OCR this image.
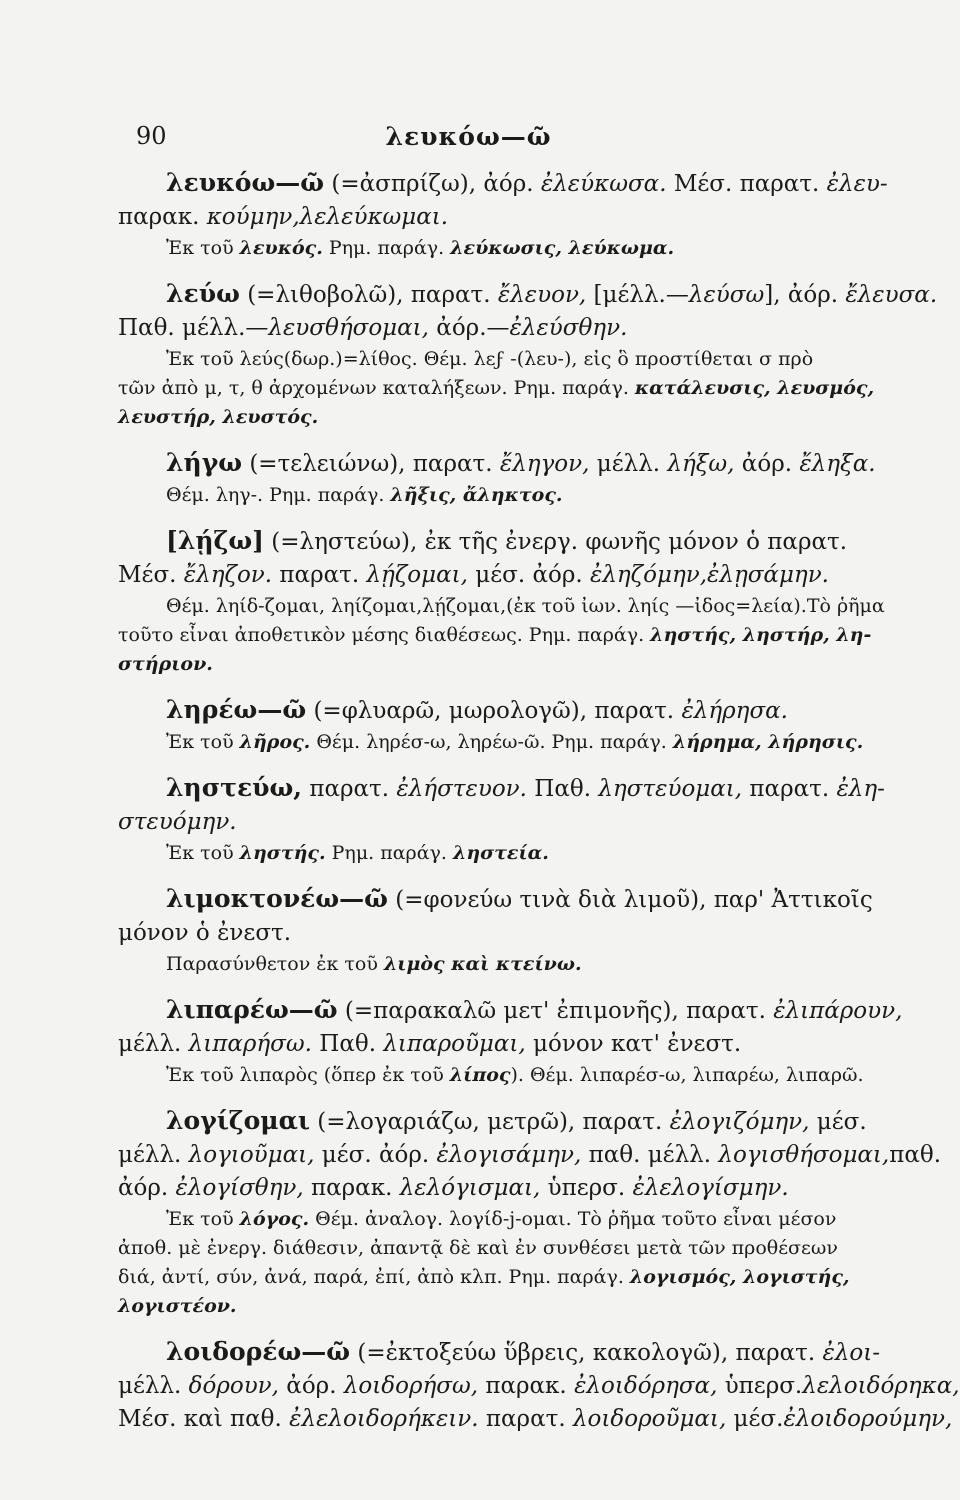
90	λευκόω—ῶ
λευκόω—ῶ (=ἀσπρίζω), ἀόρ. ἐλεύκωσα. Μέσ. παρατ. ἐλευ-
παρακ. κούμην,λελεύκωμαι.
Ἐκ τοῦ λευκός. Ρημ. παράγ. λεύκωσις, λεύκωμα.
λεύω (=λιθοβολῶ), παρατ. ἔλευον, [μέλλ.—λεύσω], ἀόρ. ἔλευσα.
Παθ. μέλλ.—λευσθήσομαι, ἀόρ.—ἐλεύσθην.
Ἐκ τοῦ λεύς(δωρ.)=λίθος. Θέμ. λεϝ -(λευ-), εἰς ὃ προστίθεται σ πρὸ
τῶν ἀπὸ μ, τ, θ ἀρχομένων καταλήξεων. Ρημ. παράγ. κατάλευσις, λευσμός,
λευστήρ, λευστός.
λήγω (=τελειώνω), παρατ. ἔληγον, μέλλ. λήξω, ἀόρ. ἔληξα.
Θέμ. ληγ-. Ρημ. παράγ. λῆξις, ἄληκτος.
[λῄζω] (=ληστεύω), ἐκ τῆς ἐνεργ. φωνῆς μόνον ὁ παρατ.
Μέσ. ἔληζον. παρατ. λῄζομαι, μέσ. ἀόρ. ἐληζόμην,ἐλῃσάμην.
Θέμ. ληίδ-ζομαι, ληίζομαι,λῄζομαι,(ἐκ τοῦ ἰων. ληίς —ἰδος=λεία).Τὸ ῥῆμα
τοῦτο εἶναι ἀποθετικὸν μέσης διαθέσεως. Ρημ. παράγ. ληστής, ληστήρ, λη-
στήριον.
ληρέω—ῶ (=φλυαρῶ, μωρολογῶ), παρατ. ἐλήρησα.
Ἐκ τοῦ λῆρος. Θέμ. ληρέσ-ω, ληρέω-ῶ. Ρημ. παράγ. λήρημα, λήρησις.
ληστεύω, παρατ. ἐλήστευον. Παθ. ληστεύομαι, παρατ. ἐλη-
στευόμην.
Ἐκ τοῦ ληστής. Ρημ. παράγ. ληστεία.
λιμοκτονέω—ῶ (=φονεύω τινὰ διὰ λιμοῦ), παρ' Ἀττικοῖς
μόνον ὁ ἐνεστ.
Παρασύνθετον ἐκ τοῦ λιμὸς καὶ κτείνω.
λιπαρέω—ῶ (=παρακαλῶ μετ' ἐπιμονῆς), παρατ. ἐλιπάρουν,
μέλλ. λιπαρήσω. Παθ. λιπαροῦμαι, μόνον κατ' ἐνεστ.
Ἐκ τοῦ λιπαρὸς (ὅπερ ἐκ τοῦ λίπος). Θέμ. λιπαρέσ-ω, λιπαρέω, λιπαρῶ.
λογίζομαι (=λογαριάζω, μετρῶ), παρατ. ἐλογιζόμην, μέσ.
μέλλ. λογιοῦμαι, μέσ. ἀόρ. ἐλογισάμην, παθ. μέλλ. λογισθήσομαι,παθ.
ἀόρ. ἐλογίσθην, παρακ. λελόγισμαι, ὑπερσ. ἐλελογίσμην.
Ἐκ τοῦ λόγος. Θέμ. ἀναλογ. λογίδ-j-ομαι. Τὸ ῥῆμα τοῦτο εἶναι μέσον
ἀποθ. μὲ ἐνεργ. διάθεσιν, ἀπαντᾷ δὲ καὶ ἐν συνθέσει μετὰ τῶν προθέσεων
διά, ἀντί, σύν, ἀνά, παρά, ἐπί, ἀπὸ κλπ. Ρημ. παράγ. λογισμός, λογιστής,
λογιστέον.
λοιδορέω—ῶ (=ἐκτοξεύω ὕβρεις, κακολογῶ), παρατ. ἐλοι-
μέλλ. δόρουν, ἀόρ. λοιδορήσω, παρακ. ἐλοιδόρησα, ὑπερσ.λελοιδόρηκα,
Μέσ. καὶ παθ. ἐλελοιδορήκειν. παρατ. λοιδοροῦμαι, μέσ.ἐλοιδορούμην,
